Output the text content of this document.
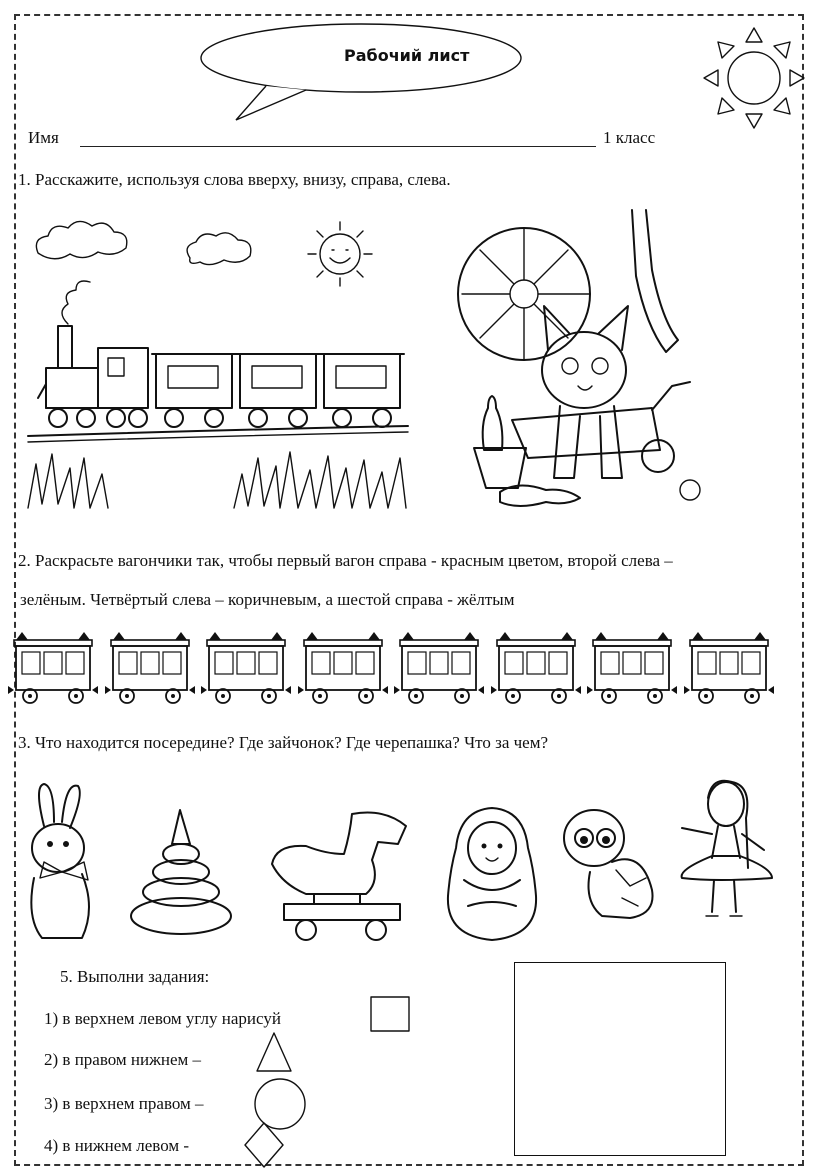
Рабочий лист
Имя	1 класс
1. Расскажите, используя слова вверху, внизу, справа, слева.
2. Раскрасьте вагончики так, чтобы первый вагон справа - красным цветом, второй слева –
зелёным. Четвёртый слева – коричневым, а шестой справа - жёлтым
3. Что находится посередине? Где зайчонок? Где черепашка? Что за чем?
5. Выполни задания:
1) в верхнем левом углу нарисуй
2) в правом нижнем –
3) в верхнем правом –
4) в нижнем левом -
